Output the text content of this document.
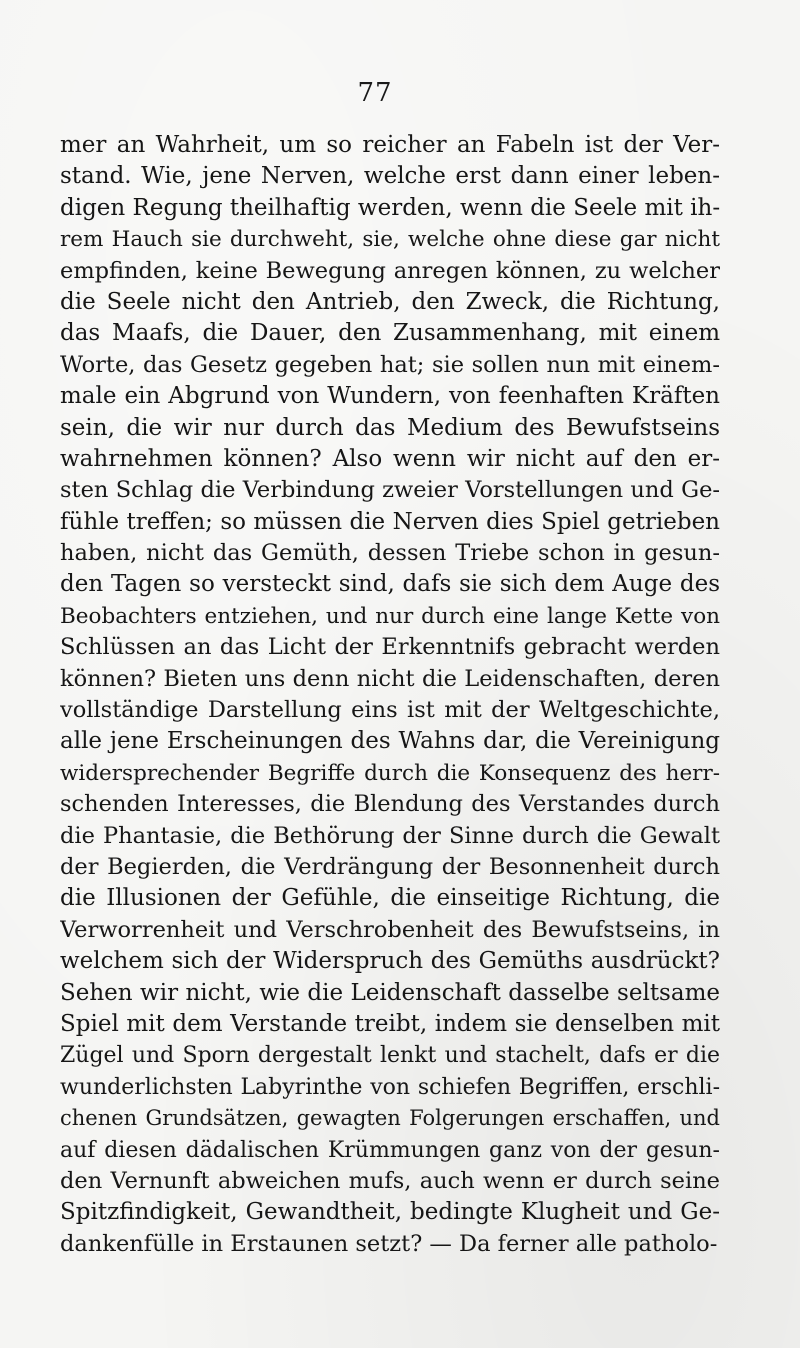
77
mer an Wahrheit, um so reicher an Fabeln ist der Ver-
stand. Wie, jene Nerven, welche erst dann einer leben-
digen Regung theilhaftig werden, wenn die Seele mit ih-
rem Hauch sie durchweht, sie, welche ohne diese gar nicht
empfinden, keine Bewegung anregen können, zu welcher
die Seele nicht den Antrieb, den Zweck, die Richtung,
das Maafs, die Dauer, den Zusammenhang, mit einem
Worte, das Gesetz gegeben hat; sie sollen nun mit einem-
male ein Abgrund von Wundern, von feenhaften Kräften
sein, die wir nur durch das Medium des Bewufstseins
wahrnehmen können? Also wenn wir nicht auf den er-
sten Schlag die Verbindung zweier Vorstellungen und Ge-
fühle treffen; so müssen die Nerven dies Spiel getrieben
haben, nicht das Gemüth, dessen Triebe schon in gesun-
den Tagen so versteckt sind, dafs sie sich dem Auge des
Beobachters entziehen, und nur durch eine lange Kette von
Schlüssen an das Licht der Erkenntnifs gebracht werden
können? Bieten uns denn nicht die Leidenschaften, deren
vollständige Darstellung eins ist mit der Weltgeschichte,
alle jene Erscheinungen des Wahns dar, die Vereinigung
widersprechender Begriffe durch die Konsequenz des herr-
schenden Interesses, die Blendung des Verstandes durch
die Phantasie, die Bethörung der Sinne durch die Gewalt
der Begierden, die Verdrängung der Besonnenheit durch
die Illusionen der Gefühle, die einseitige Richtung, die
Verworrenheit und Verschrobenheit des Bewufstseins, in
welchem sich der Widerspruch des Gemüths ausdrückt?
Sehen wir nicht, wie die Leidenschaft dasselbe seltsame
Spiel mit dem Verstande treibt, indem sie denselben mit
Zügel und Sporn dergestalt lenkt und stachelt, dafs er die
wunderlichsten Labyrinthe von schiefen Begriffen, erschli-
chenen Grundsätzen, gewagten Folgerungen erschaffen, und
auf diesen dädalischen Krümmungen ganz von der gesun-
den Vernunft abweichen mufs, auch wenn er durch seine
Spitzfindigkeit, Gewandtheit, bedingte Klugheit und Ge-
dankenfülle in Erstaunen setzt? — Da ferner alle patholo-
